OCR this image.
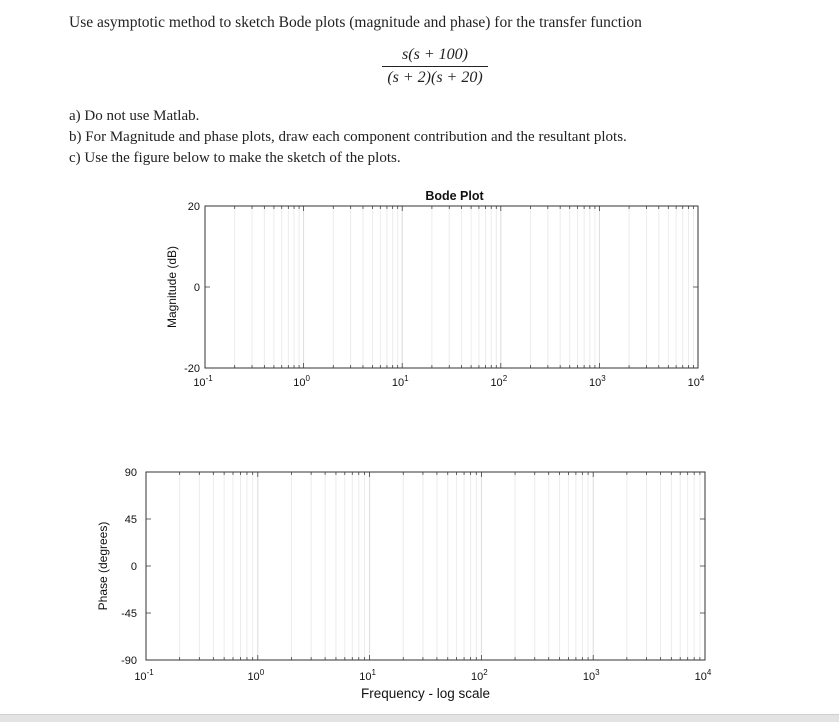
Use asymptotic method to sketch Bode plots (magnitude and phase) for the transfer function
s(s + 100)
(s + 2)(s + 20)
a) Do not use Matlab.
b) For Magnitude and phase plots, draw each component contribution and the resultant plots.
c) Use the figure below to make the sketch of the plots.
-20
0
20
$10^{-1}$	$10^0$	$10^1$	$10^2$	$10^3$	$10^4$
Bode Plot
Magnitude (dB)
-90
-45
0
45
90
$10^{-1}$	$10^0$	$10^1$	$10^2$	$10^3$	$10^4$
Phase (degrees)
Frequency - log scale
